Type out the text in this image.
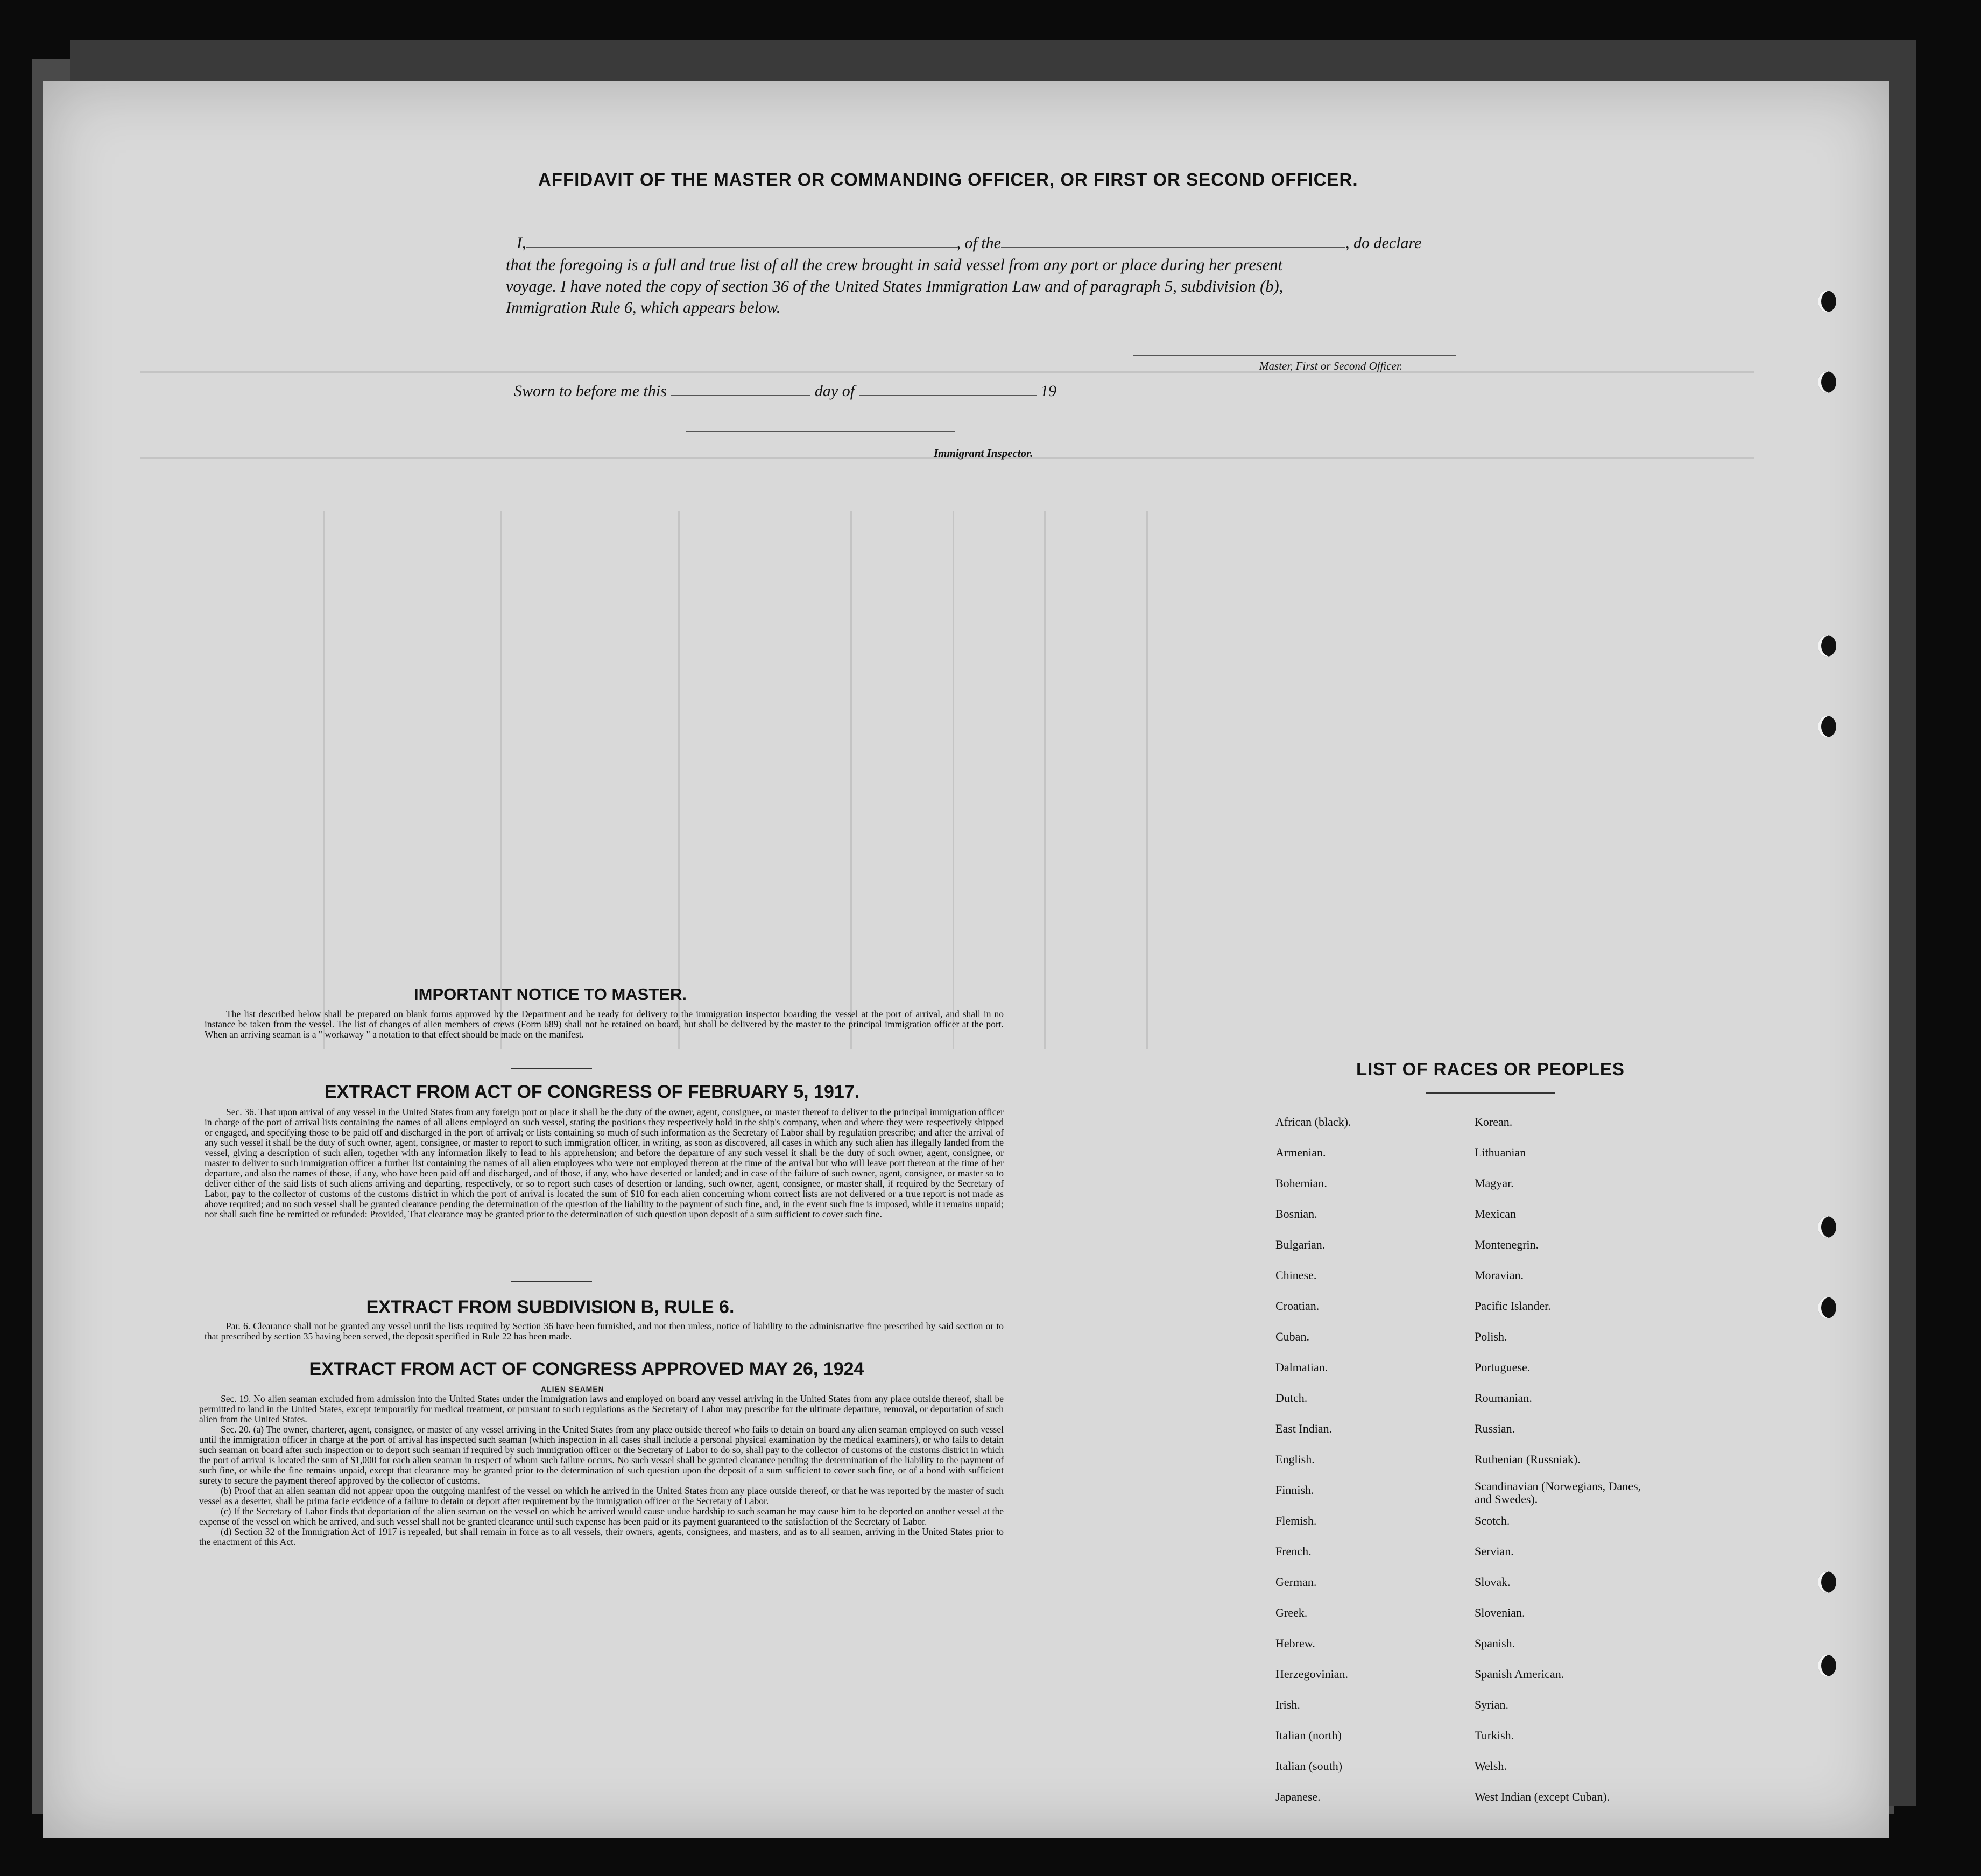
AFFIDAVIT OF THE MASTER OR COMMANDING OFFICER, OR FIRST OR SECOND OFFICER.
I,	, of the	, do declare
that the foregoing is a full and true list of all the crew brought in said vessel from any port or place during her present
voyage. I have noted the copy of section 36 of the United States Immigration Law and of paragraph 5, subdivision (b),
Immigration Rule 6, which appears below.
Master, First or Second Officer.
Sworn to before me this	day of	19
Immigrant Inspector.
IMPORTANT NOTICE TO MASTER.

The list described below shall be prepared on blank forms approved by the Department and be ready for delivery to the immigration inspector boarding the vessel at the port of arrival, and shall in no instance be taken from the vessel. The list of changes of alien members of crews (Form 689) shall not be retained on board, but shall be delivered by the master to the principal immigration officer at the port. When an arriving seaman is a " workaway " a notation to that effect should be made on the manifest.

EXTRACT FROM ACT OF CONGRESS OF FEBRUARY 5, 1917.

Sec. 36. That upon arrival of any vessel in the United States from any foreign port or place it shall be the duty of the owner, agent, consignee, or master thereof to deliver to the principal immigration officer in charge of the port of arrival lists containing the names of all aliens employed on such vessel, stating the positions they respectively hold in the ship's company, when and where they were respectively shipped or engaged, and specifying those to be paid off and discharged in the port of arrival; or lists containing so much of such information as the Secretary of Labor shall by regulation prescribe; and after the arrival of any such vessel it shall be the duty of such owner, agent, consignee, or master to report to such immigration officer, in writing, as soon as discovered, all cases in which any such alien has illegally landed from the vessel, giving a description of such alien, together with any information likely to lead to his apprehension; and before the departure of any such vessel it shall be the duty of such owner, agent, consignee, or master to deliver to such immigration officer a further list containing the names of all alien employees who were not employed thereon at the time of the arrival but who will leave port thereon at the time of her departure, and also the names of those, if any, who have been paid off and discharged, and of those, if any, who have deserted or landed; and in case of the failure of such owner, agent, consignee, or master so to deliver either of the said lists of such aliens arriving and departing, respectively, or so to report such cases of desertion or landing, such owner, agent, consignee, or master shall, if required by the Secretary of Labor, pay to the collector of customs of the customs district in which the port of arrival is located the sum of $10 for each alien concerning whom correct lists are not delivered or a true report is not made as above required; and no such vessel shall be granted clearance pending the determination of the question of the liability to the payment of such fine, and, in the event such fine is imposed, while it remains unpaid; nor shall such fine be remitted or refunded: Provided, That clearance may be granted prior to the determination of such question upon deposit of a sum sufficient to cover such fine.

EXTRACT FROM SUBDIVISION B, RULE 6.

Par. 6. Clearance shall not be granted any vessel until the lists required by Section 36 have been furnished, and not then unless, notice of liability to the administrative fine prescribed by said section or to that prescribed by section 35 having been served, the deposit specified in Rule 22 has been made.

EXTRACT FROM ACT OF CONGRESS APPROVED MAY 26, 1924
ALIEN SEAMEN

Sec. 19. No alien seaman excluded from admission into the United States under the immigration laws and employed on board any vessel arriving in the United States from any place outside thereof, shall be permitted to land in the United States, except temporarily for medical treatment, or pursuant to such regulations as the Secretary of Labor may prescribe for the ultimate departure, removal, or deportation of such alien from the United States.

Sec. 20. (a) The owner, charterer, agent, consignee, or master of any vessel arriving in the United States from any place outside thereof who fails to detain on board any alien seaman employed on such vessel until the immigration officer in charge at the port of arrival has inspected such seaman (which inspection in all cases shall include a personal physical examination by the medical examiners), or who fails to detain such seaman on board after such inspection or to deport such seaman if required by such immigration officer or the Secretary of Labor to do so, shall pay to the collector of customs of the customs district in which the port of arrival is located the sum of $1,000 for each alien seaman in respect of whom such failure occurs. No such vessel shall be granted clearance pending the determination of the liability to the payment of such fine, or while the fine remains unpaid, except that clearance may be granted prior to the determination of such question upon the deposit of a sum sufficient to cover such fine, or of a bond with sufficient surety to secure the payment thereof approved by the collector of customs.

(b) Proof that an alien seaman did not appear upon the outgoing manifest of the vessel on which he arrived in the United States from any place outside thereof, or that he was reported by the master of such vessel as a deserter, shall be prima facie evidence of a failure to detain or deport after requirement by the immigration officer or the Secretary of Labor.

(c) If the Secretary of Labor finds that deportation of the alien seaman on the vessel on which he arrived would cause undue hardship to such seaman he may cause him to be deported on another vessel at the expense of the vessel on which he arrived, and such vessel shall not be granted clearance until such expense has been paid or its payment guaranteed to the satisfaction of the Secretary of Labor.

(d) Section 32 of the Immigration Act of 1917 is repealed, but shall remain in force as to all vessels, their owners, agents, consignees, and masters, and as to all seamen, arriving in the United States prior to the enactment of this Act.

LIST OF RACES OR PEOPLES
African (black).
Armenian.
Bohemian.
Bosnian.
Bulgarian.
Chinese.
Croatian.
Cuban.
Dalmatian.
Dutch.
East Indian.
English.
Finnish.
Flemish.
French.
German.
Greek.
Hebrew.
Herzegovinian.
Irish.
Italian (north)
Italian (south)
Japanese.
Korean.
Lithuanian
Magyar.
Mexican
Montenegrin.
Moravian.
Pacific Islander.
Polish.
Portuguese.
Roumanian.
Russian.
Ruthenian (Russniak).
Scandinavian (Norwegians, Danes, and Swedes).
Scotch.
Servian.
Slovak.
Slovenian.
Spanish.
Spanish American.
Syrian.
Turkish.
Welsh.
West Indian (except Cuban).
